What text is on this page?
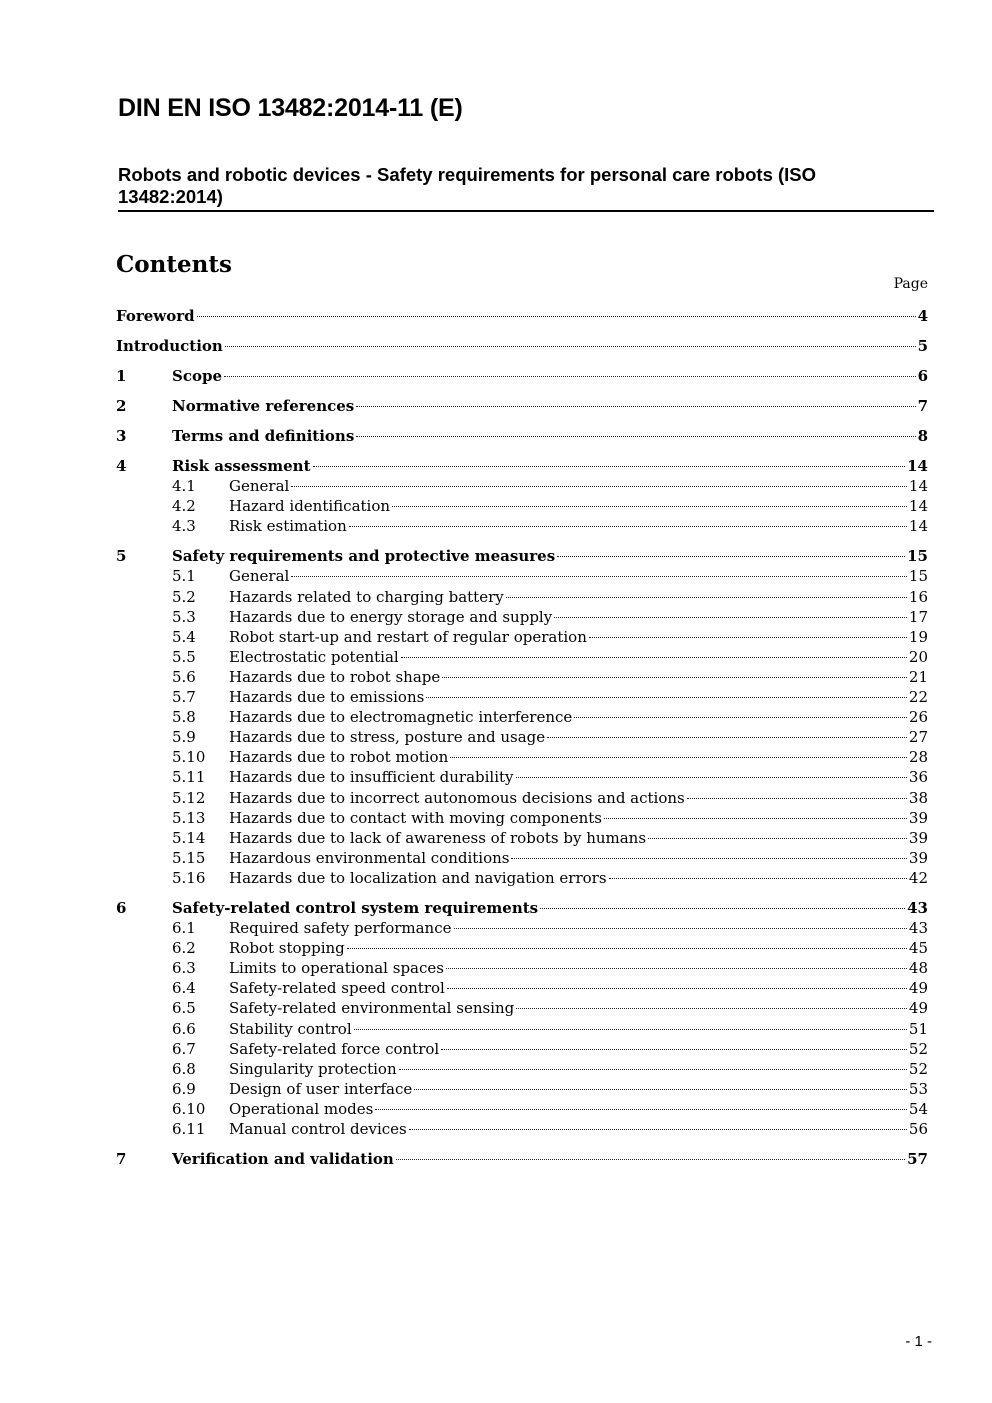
DIN EN ISO 13482:2014-11 (E)
Robots and robotic devices - Safety requirements for personal care robots (ISO 13482:2014)
Contents
Page
Foreword	4
Introduction	5
1	Scope	6
2	Normative references	7
3	Terms and definitions	8
4	Risk assessment	14
4.1	General	14
4.2	Hazard identification	14
4.3	Risk estimation	14
5	Safety requirements and protective measures	15
5.1	General	15
5.2	Hazards related to charging battery	16
5.3	Hazards due to energy storage and supply	17
5.4	Robot start-up and restart of regular operation	19
5.5	Electrostatic potential	20
5.6	Hazards due to robot shape	21
5.7	Hazards due to emissions	22
5.8	Hazards due to electromagnetic interference	26
5.9	Hazards due to stress, posture and usage	27
5.10	Hazards due to robot motion	28
5.11	Hazards due to insufficient durability	36
5.12	Hazards due to incorrect autonomous decisions and actions	38
5.13	Hazards due to contact with moving components	39
5.14	Hazards due to lack of awareness of robots by humans	39
5.15	Hazardous environmental conditions	39
5.16	Hazards due to localization and navigation errors	42
6	Safety-related control system requirements	43
6.1	Required safety performance	43
6.2	Robot stopping	45
6.3	Limits to operational spaces	48
6.4	Safety-related speed control	49
6.5	Safety-related environmental sensing	49
6.6	Stability control	51
6.7	Safety-related force control	52
6.8	Singularity protection	52
6.9	Design of user interface	53
6.10	Operational modes	54
6.11	Manual control devices	56
7	Verification and validation	57
- 1 -
